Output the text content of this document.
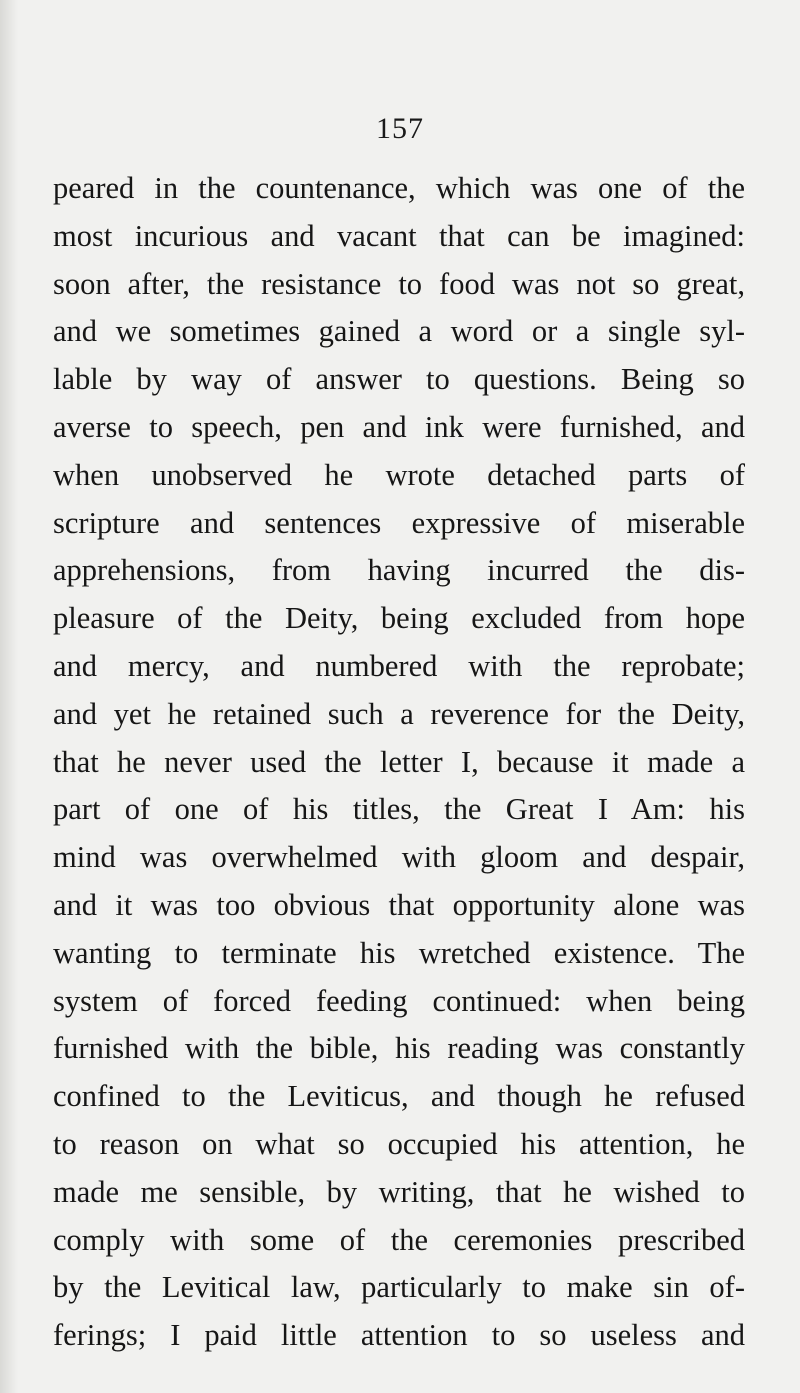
157
peared in the countenance, which was one of the
most incurious and vacant that can be imagined:
soon after, the resistance to food was not so great,
and we sometimes gained a word or a single syl-
lable by way of answer to questions. Being so
averse to speech, pen and ink were furnished, and
when unobserved he wrote detached parts of
scripture and sentences expressive of miserable
apprehensions, from having incurred the dis-
pleasure of the Deity, being excluded from hope
and mercy, and numbered with the reprobate;
and yet he retained such a reverence for the Deity,
that he never used the letter I, because it made a
part of one of his titles, the Great I Am: his
mind was overwhelmed with gloom and despair,
and it was too obvious that opportunity alone was
wanting to terminate his wretched existence. The
system of forced feeding continued: when being
furnished with the bible, his reading was constantly
confined to the Leviticus, and though he refused
to reason on what so occupied his attention, he
made me sensible, by writing, that he wished to
comply with some of the ceremonies prescribed
by the Levitical law, particularly to make sin of-
ferings; I paid little attention to so useless and
